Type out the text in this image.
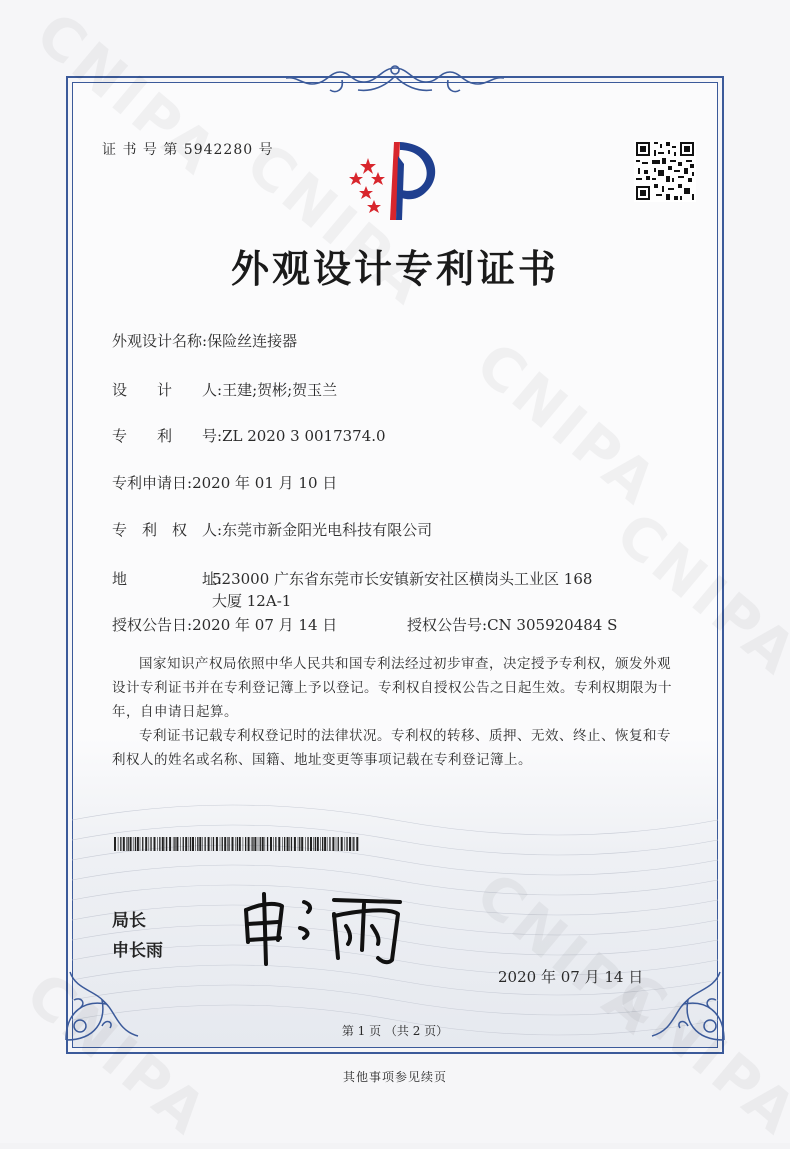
证 书 号 第 5942280 号
外观设计专利证书
外观设计名称:保险丝连接器
设　　计　　人:王建;贺彬;贺玉兰
专　　利　　号:ZL 2020 3 0017374.0
专利申请日:2020 年 01 月 10 日
专　利　权　人:东莞市新金阳光电科技有限公司
地　　　　　址:
523000 广东省东莞市长安镇新安社区横岗头工业区 168 大厦 12A-1
授权公告日:2020 年 07 月 14 日	授权公告号:CN 305920484 S
国家知识产权局依照中华人民共和国专利法经过初步审查，决定授予专利权，颁发外观设计专利证书并在专利登记簿上予以登记。专利权自授权公告之日起生效。专利权期限为十年，自申请日起算。
专利证书记载专利权登记时的法律状况。专利权的转移、质押、无效、终止、恢复和专利权人的姓名或名称、国籍、地址变更等事项记载在专利登记簿上。
局长
申长雨
2020 年 07 月 14 日
第 1 页 （共 2 页）
其他事项参见续页
